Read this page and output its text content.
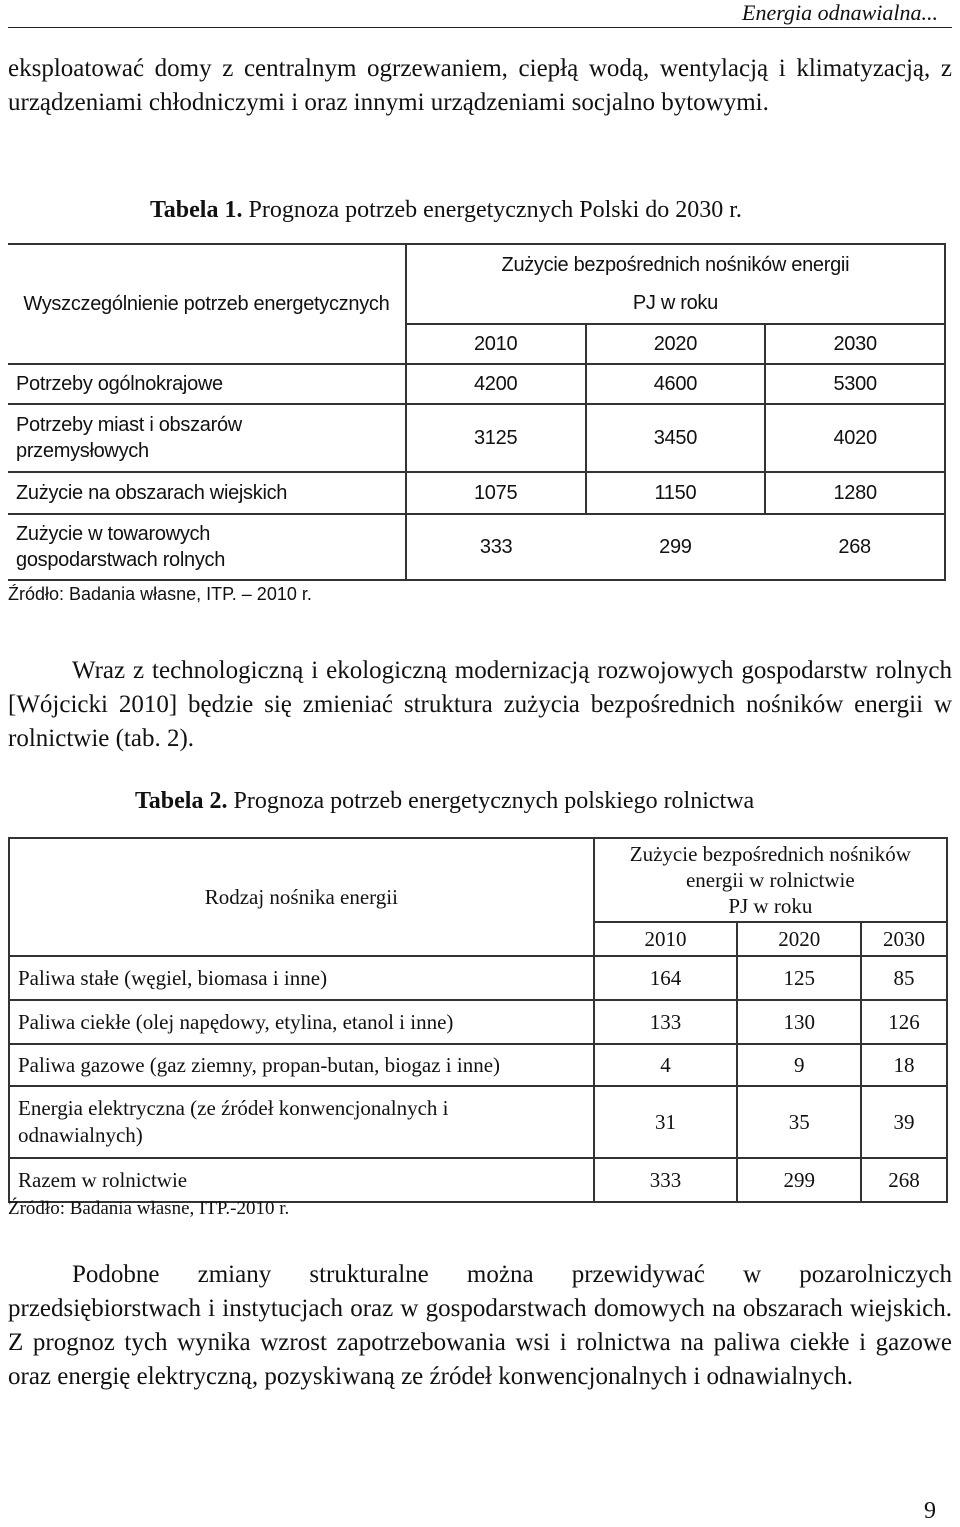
Energia odnawialna...

eksploatować domy z centralnym ogrzewaniem, ciepłą wodą, wentylacją i klimatyzacją, z urządzeniami chłodniczymi i oraz innymi urządzeniami socjalno bytowymi.

Tabela 1. Prognoza potrzeb energetycznych Polski do 2030 r.
Wyszczególnienie potrzeb energetycznych	Zużycie bezpośrednich nośników energii
PJ w roku		

	2010	2020	2030
Potrzeby ogólnokrajowe	4200	4600	5300
Potrzeby miast i obszarów przemysłowych	3125	3450	4020
Zużycie na obszarach wiejskich	1075	1150	1280
Zużycie w towarowych gospodarstwach rolnych	333	299	268
Źródło: Badania własne, ITP. – 2010 r.

Wraz z technologiczną i ekologiczną modernizacją rozwojowych gospodarstw rolnych [Wójcicki 2010] będzie się zmieniać struktura zużycia bezpośrednich nośników energii w rolnictwie (tab. 2).

Tabela 2. Prognoza potrzeb energetycznych polskiego rolnictwa
Rodzaj nośnika energii	Zużycie bezpośrednich nośników energii w rolnictwie
PJ w roku		

	2010	2020	2030
Paliwa stałe (węgiel, biomasa i inne)	164	125	85
Paliwa ciekłe (olej napędowy, etylina, etanol i inne)	133	130	126
Paliwa gazowe (gaz ziemny, propan-butan, biogaz i inne)	4	9	18
Energia elektryczna (ze źródeł konwencjonalnych i odnawialnych)	31	35	39
Razem w rolnictwie	333	299	268
Źródło: Badania własne, ITP.-2010 r.

Podobne zmiany strukturalne można przewidywać w pozarolniczych przedsiębiorstwach i instytucjach oraz w gospodarstwach domowych na obszarach wiejskich. Z prognoz tych wynika wzrost zapotrzebowania wsi i rolnictwa na paliwa ciekłe i gazowe oraz energię elektryczną, pozyskiwaną ze źródeł konwencjonalnych i odnawialnych.

9
